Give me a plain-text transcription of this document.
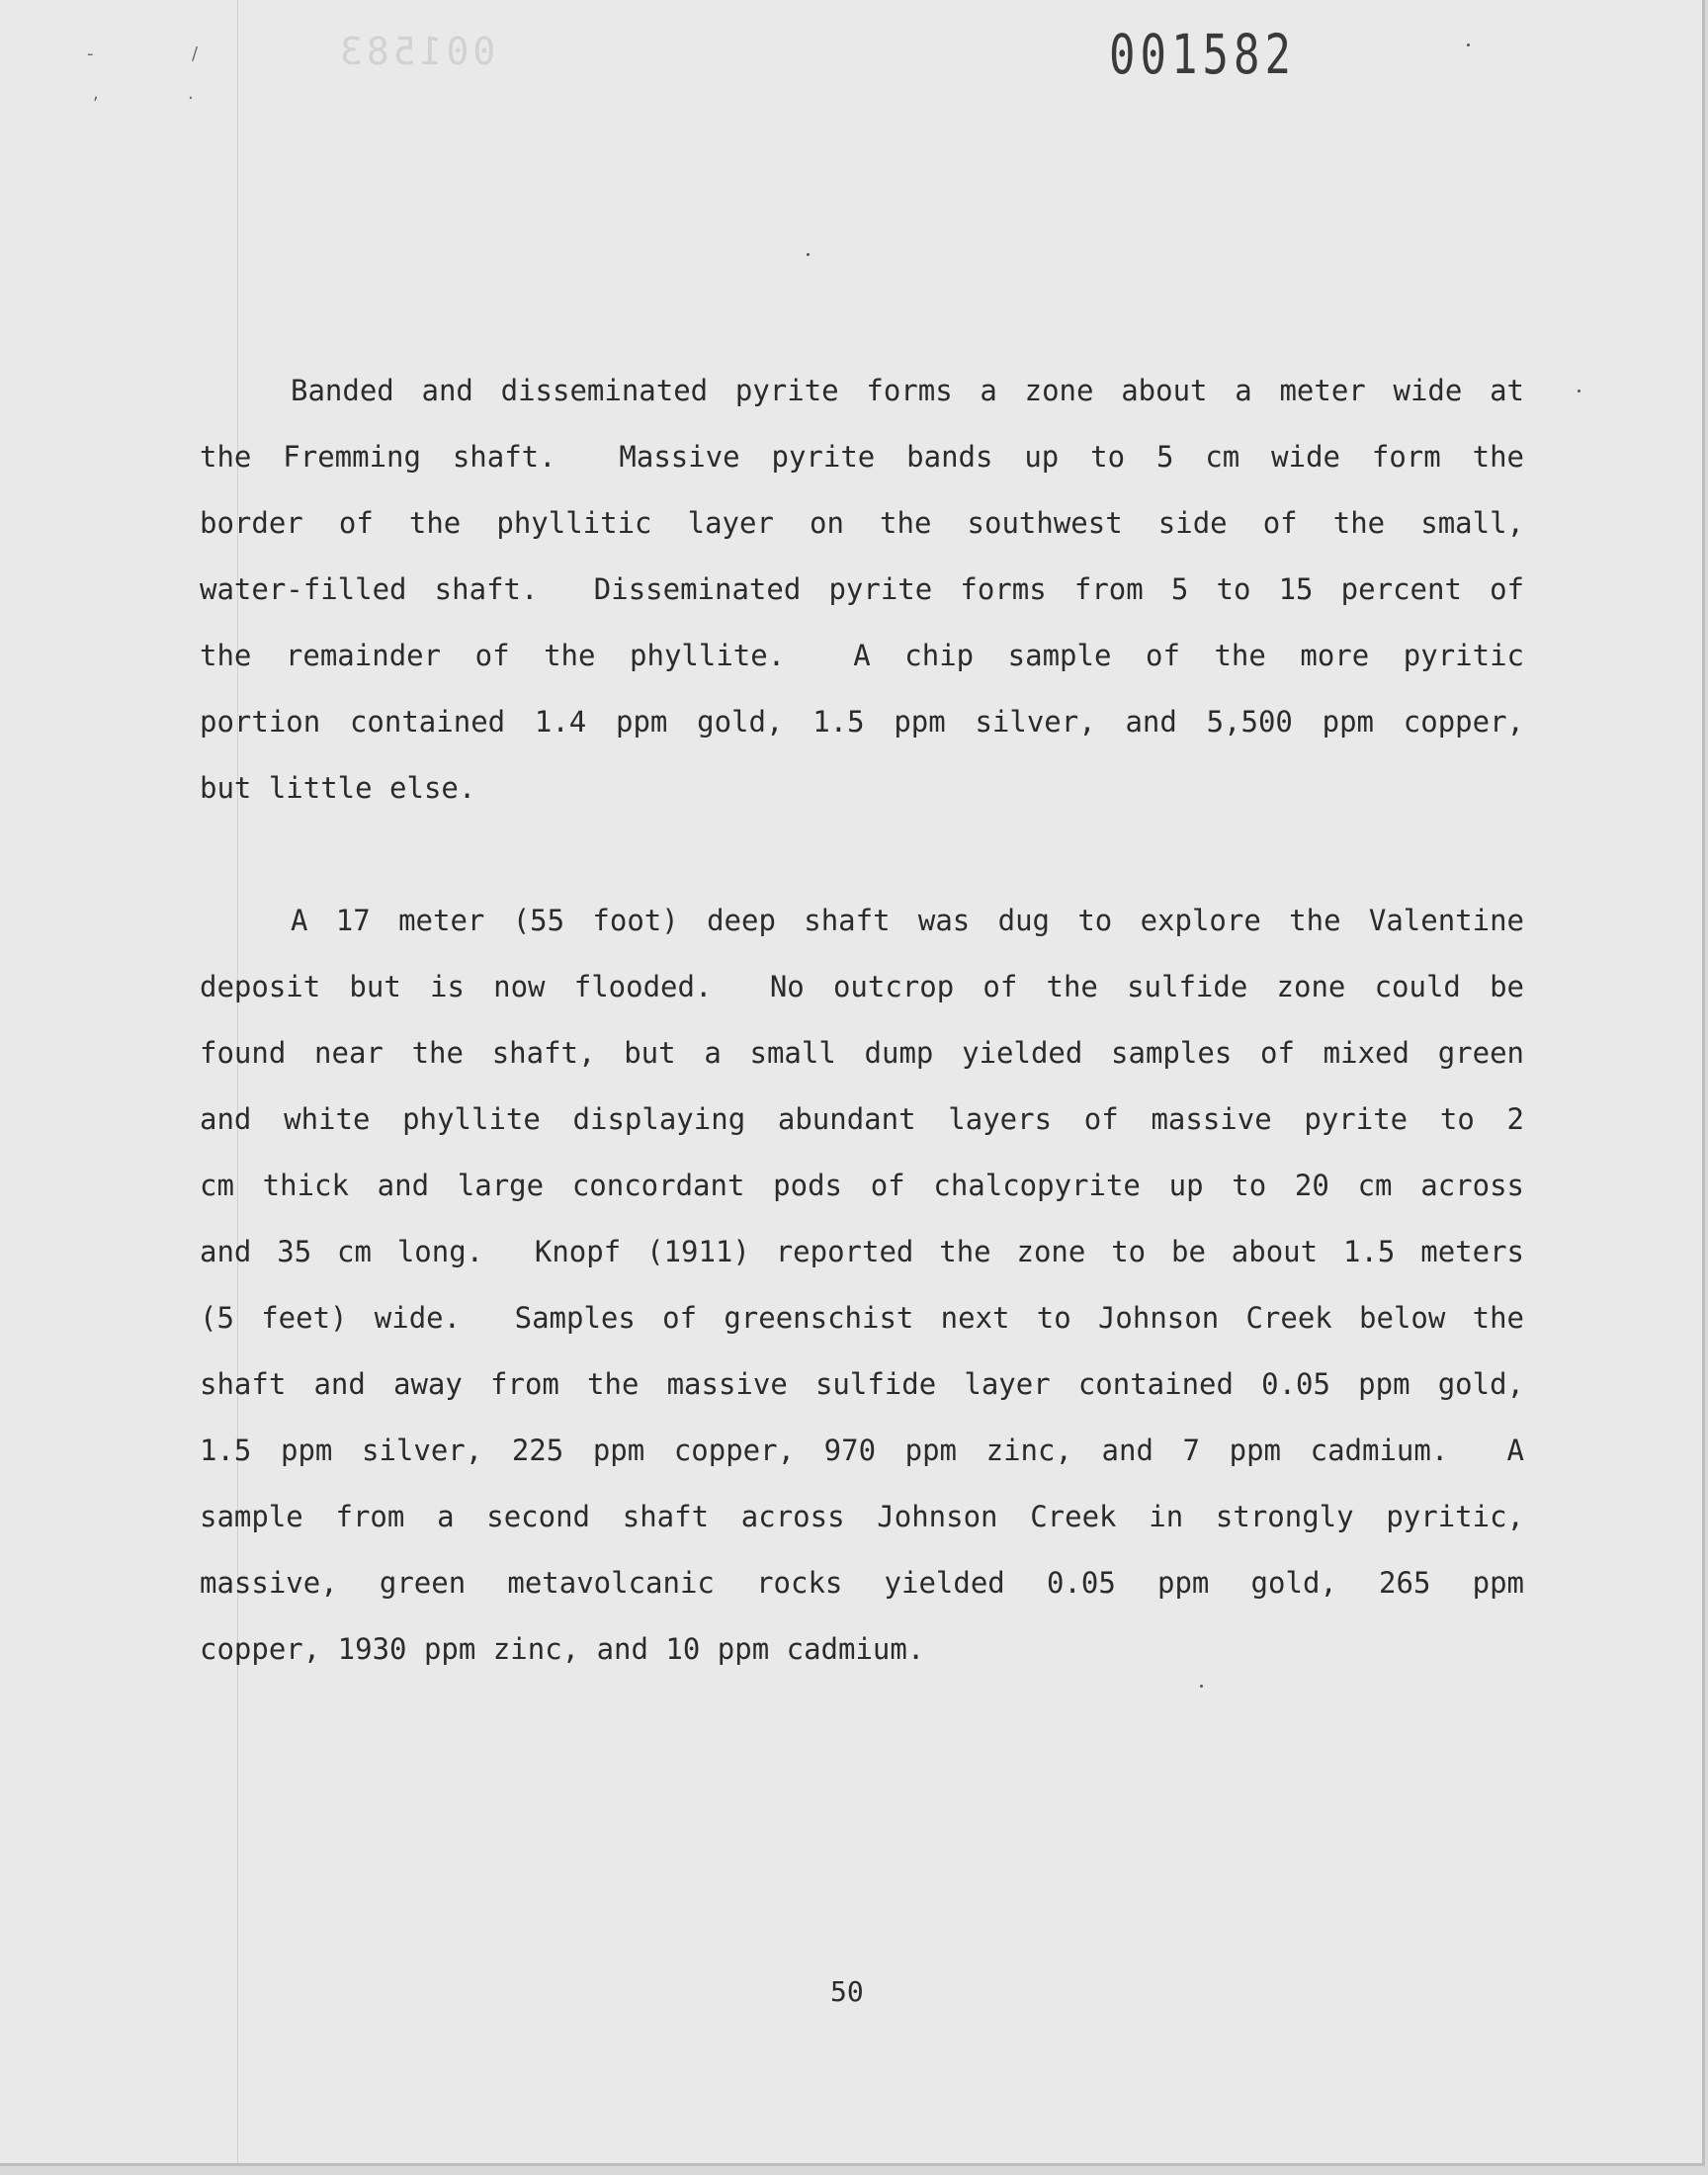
001583	001582
-	/
,	.
Banded and disseminated pyrite forms a zone about a meter wide at
the Fremming shaft.  Massive pyrite bands up to 5 cm wide form the
border of the phyllitic layer on the southwest side of the small,
water-filled shaft.  Disseminated pyrite forms from 5 to 15 percent of
the remainder of the phyllite.  A chip sample of the more pyritic
portion contained 1.4 ppm gold, 1.5 ppm silver, and 5,500 ppm copper,
but little else.
A 17 meter (55 foot) deep shaft was dug to explore the Valentine
deposit but is now flooded.  No outcrop of the sulfide zone could be
found near the shaft, but a small dump yielded samples of mixed green
and white phyllite displaying abundant layers of massive pyrite to 2
cm thick and large concordant pods of chalcopyrite up to 20 cm across
and 35 cm long.  Knopf (1911) reported the zone to be about 1.5 meters
(5 feet) wide.  Samples of greenschist next to Johnson Creek below the
shaft and away from the massive sulfide layer contained 0.05 ppm gold,
1.5 ppm silver, 225 ppm copper, 970 ppm zinc, and 7 ppm cadmium.  A
sample from a second shaft across Johnson Creek in strongly pyritic,
massive, green metavolcanic rocks yielded 0.05 ppm gold, 265 ppm
copper, 1930 ppm zinc, and 10 ppm cadmium.
50
